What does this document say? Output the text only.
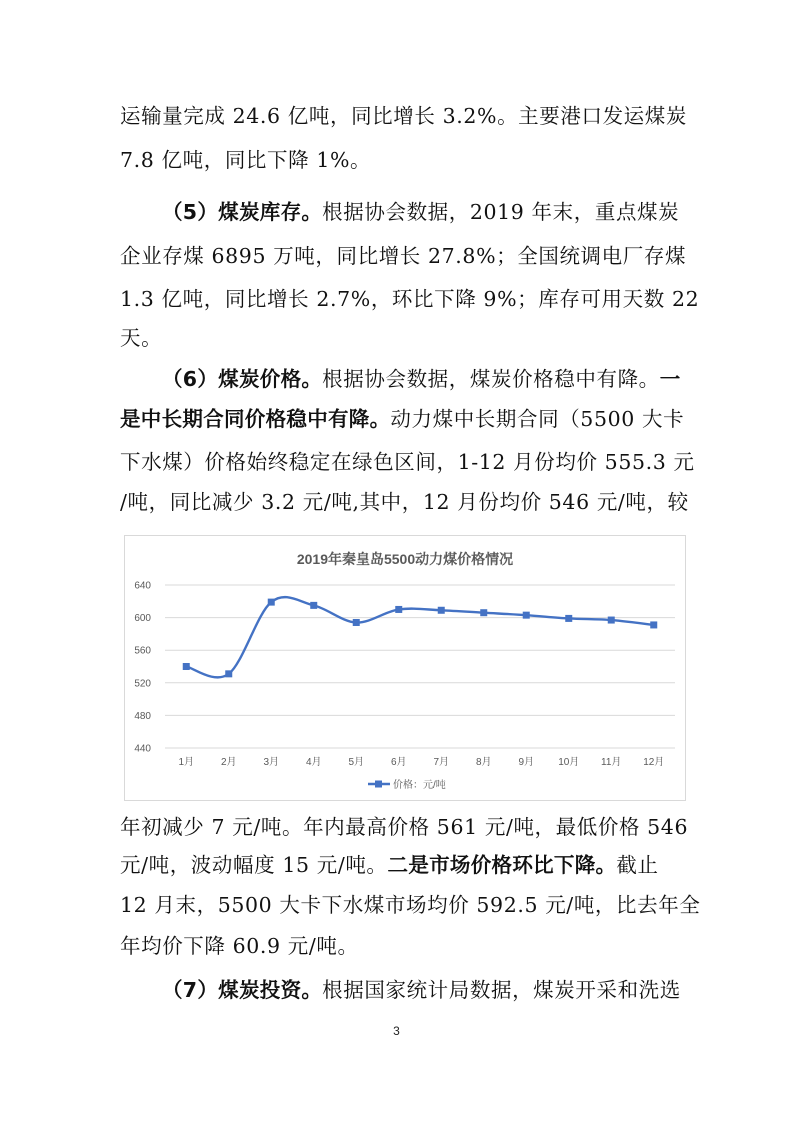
运输量完成 24.6 亿吨，同比增长 3.2%。主要港口发运煤炭
7.8 亿吨，同比下降 1%。
（5）煤炭库存。根据协会数据，2019 年末，重点煤炭
企业存煤 6895 万吨，同比增长 27.8%；全国统调电厂存煤
1.3 亿吨，同比增长 2.7%，环比下降 9%；库存可用天数 22
天。
（6）煤炭价格。根据协会数据，煤炭价格稳中有降。一
是中长期合同价格稳中有降。动力煤中长期合同（5500 大卡
下水煤）价格始终稳定在绿色区间，1-12 月份均价 555.3 元
/吨，同比减少 3.2 元/吨,其中，12 月份均价 546 元/吨，较
2019年秦皇岛5500动力煤价格情况
440
480
520
560
600
640
1月	2月	3月	4月	5月	6月	7月	8月	9月 10月 11月 12月
价格：元/吨
年初减少 7 元/吨。年内最高价格 561 元/吨，最低价格 546
元/吨，波动幅度 15 元/吨。二是市场价格环比下降。截止
12 月末，5500 大卡下水煤市场均价 592.5 元/吨，比去年全
年均价下降 60.9 元/吨。
（7）煤炭投资。根据国家统计局数据，煤炭开采和洗选
3
